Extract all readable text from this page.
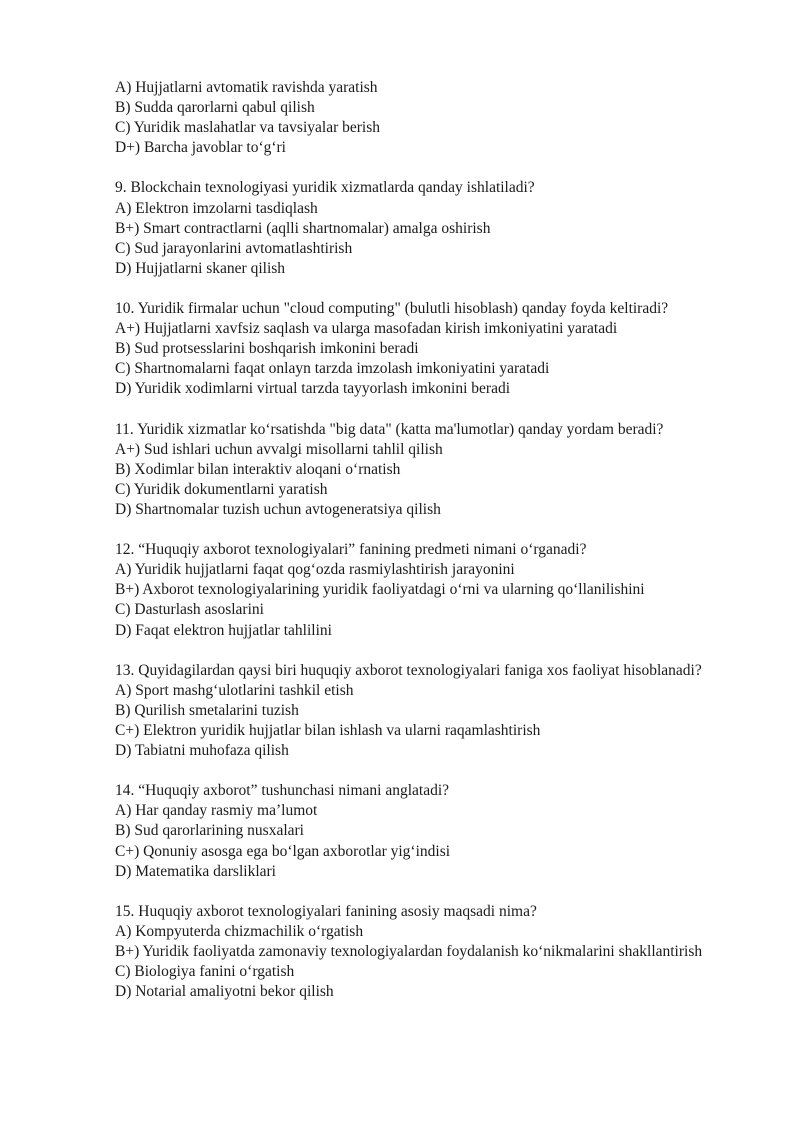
A) Hujjatlarni avtomatik ravishda yaratish
B) Sudda qarorlarni qabul qilish
C) Yuridik maslahatlar va tavsiyalar berish
D+) Barcha javoblar to‘g‘ri
9. Blockchain texnologiyasi yuridik xizmatlarda qanday ishlatiladi?
A) Elektron imzolarni tasdiqlash
B+) Smart contractlarni (aqlli shartnomalar) amalga oshirish
C) Sud jarayonlarini avtomatlashtirish
D) Hujjatlarni skaner qilish
10. Yuridik firmalar uchun "cloud computing" (bulutli hisoblash) qanday foyda keltiradi?
A+) Hujjatlarni xavfsiz saqlash va ularga masofadan kirish imkoniyatini yaratadi
B) Sud protsesslarini boshqarish imkonini beradi
C) Shartnomalarni faqat onlayn tarzda imzolash imkoniyatini yaratadi
D) Yuridik xodimlarni virtual tarzda tayyorlash imkonini beradi
11. Yuridik xizmatlar ko‘rsatishda "big data" (katta ma'lumotlar) qanday yordam beradi?
A+) Sud ishlari uchun avvalgi misollarni tahlil qilish
B) Xodimlar bilan interaktiv aloqani o‘rnatish
C) Yuridik dokumentlarni yaratish
D) Shartnomalar tuzish uchun avtogeneratsiya qilish
12. “Huquqiy axborot texnologiyalari” fanining predmeti nimani o‘rganadi?
A) Yuridik hujjatlarni faqat qog‘ozda rasmiylashtirish jarayonini
B+) Axborot texnologiyalarining yuridik faoliyatdagi o‘rni va ularning qo‘llanilishini
C) Dasturlash asoslarini
D) Faqat elektron hujjatlar tahlilini
13. Quyidagilardan qaysi biri huquqiy axborot texnologiyalari faniga xos faoliyat hisoblanadi?
A) Sport mashg‘ulotlarini tashkil etish
B) Qurilish smetalarini tuzish
C+) Elektron yuridik hujjatlar bilan ishlash va ularni raqamlashtirish
D) Tabiatni muhofaza qilish
14. “Huquqiy axborot” tushunchasi nimani anglatadi?
A) Har qanday rasmiy ma’lumot
B) Sud qarorlarining nusxalari
C+) Qonuniy asosga ega bo‘lgan axborotlar yig‘indisi
D) Matematika darsliklari
15. Huquqiy axborot texnologiyalari fanining asosiy maqsadi nima?
A) Kompyuterda chizmachilik o‘rgatish
B+) Yuridik faoliyatda zamonaviy texnologiyalardan foydalanish ko‘nikmalarini shakllantirish
C) Biologiya fanini o‘rgatish
D) Notarial amaliyotni bekor qilish
